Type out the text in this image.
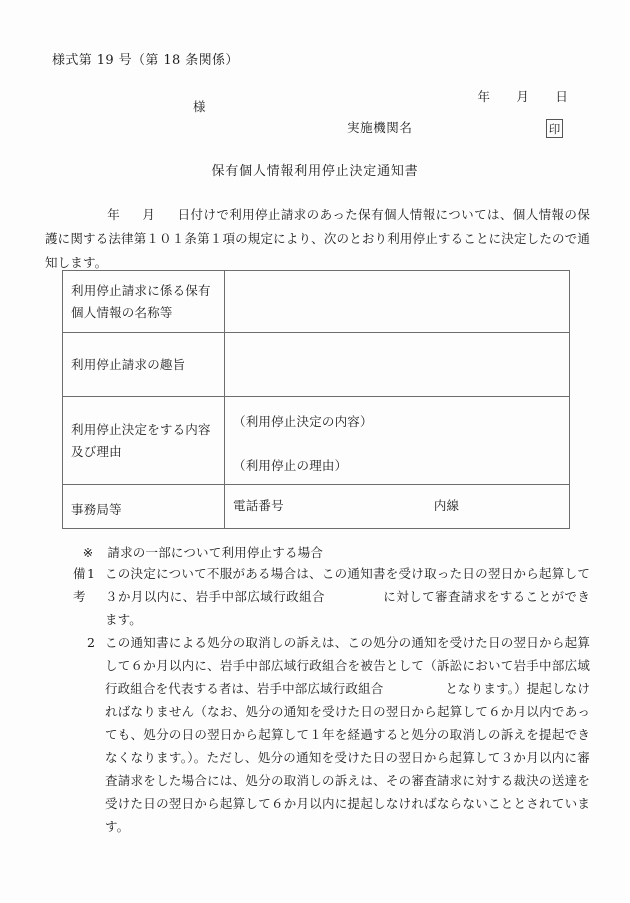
様式第 19 号（第 18 条関係）

年 月 日

様
実施機関名	印
保有個人情報利用停止決定通知書
年 月 日付けで利用停止請求のあった保有個人情報については、個人情報の保護に関する法律第１０１条第１項の規定により、次のとおり利用停止することに決定したので通知します。
利用停止請求に係る保有個人情報の名称等	
利用停止請求の趣旨	
利用停止決定をする内容及び理由	（利用停止決定の内容）
（利用停止の理由）

事務局等	電話番号 内線

※ 請求の一部について利用停止する場合

備考
1 この決定について不服がある場合は、この通知書を受け取った日の翌日から起算して３か月以内に、岩手中部広域行政組合	に対して審査請求をすることができます。

2 この通知書による処分の取消しの訴えは、この処分の通知を受けた日の翌日から起算して６か月以内に、岩手中部広域行政組合を被告として（訴訟において岩手中部広域行政組合を代表する者は、岩手中部広域行政組合	となります。）提起しなければなりません（なお、処分の通知を受けた日の翌日から起算して６か月以内であっても、処分の日の翌日から起算して１年を経過すると処分の取消しの訴えを提起できなくなります。）。ただし、処分の通知を受けた日の翌日から起算して３か月以内に審査請求をした場合には、処分の取消しの訴えは、その審査請求に対する裁決の送達を受けた日の翌日から起算して６か月以内に提起しなければならないこととされています。
